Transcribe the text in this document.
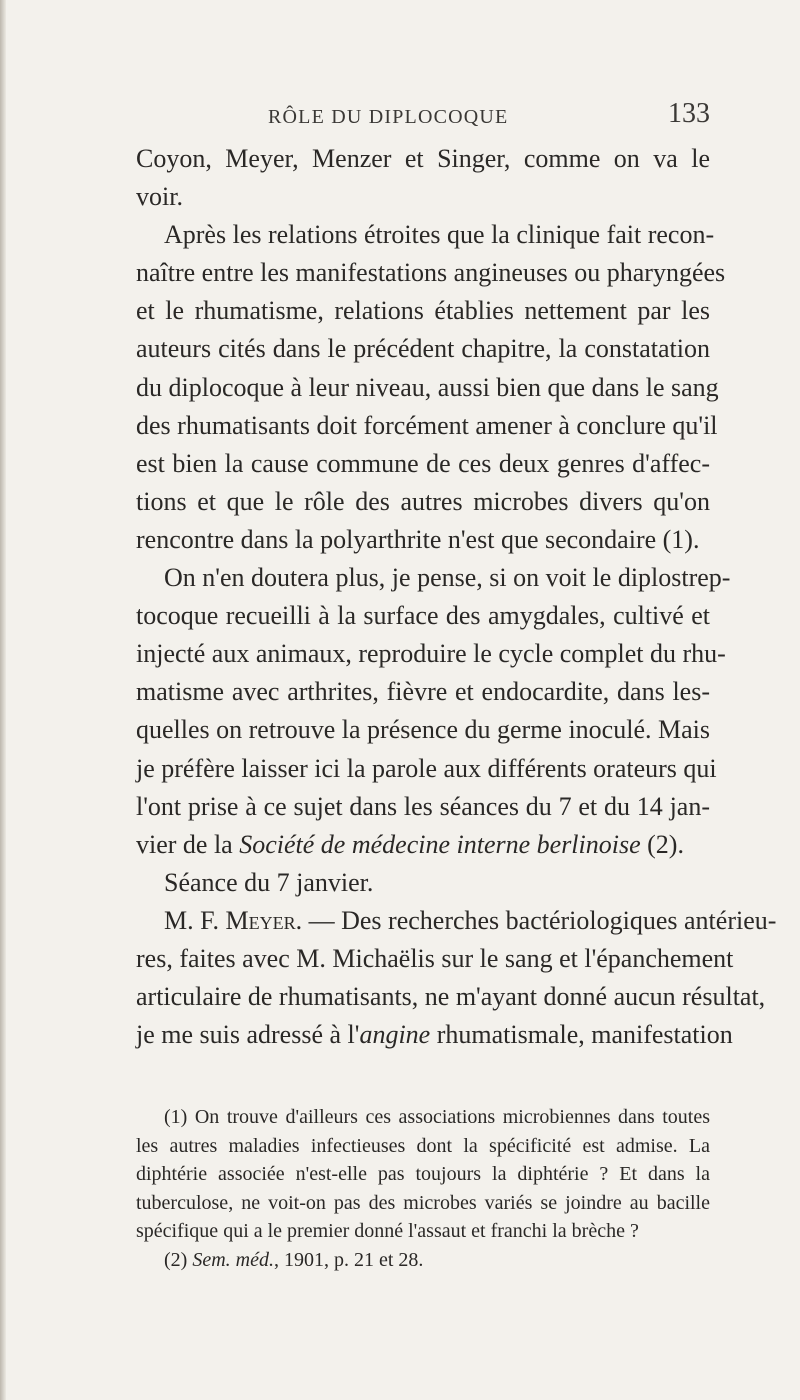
RÔLE DU DIPLOCOQUE	133
Coyon, Meyer, Menzer et Singer, comme on va le
voir.
Après les relations étroites que la clinique fait recon-
naître entre les manifestations angineuses ou pharyngées
et le rhumatisme, relations établies nettement par les
auteurs cités dans le précédent chapitre, la constatation
du diplocoque à leur niveau, aussi bien que dans le sang
des rhumatisants doit forcément amener à conclure qu'il
est bien la cause commune de ces deux genres d'affec-
tions et que le rôle des autres microbes divers qu'on
rencontre dans la polyarthrite n'est que secondaire (1).
On n'en doutera plus, je pense, si on voit le diplostrep-
tocoque recueilli à la surface des amygdales, cultivé et
injecté aux animaux, reproduire le cycle complet du rhu-
matisme avec arthrites, fièvre et endocardite, dans les-
quelles on retrouve la présence du germe inoculé. Mais
je préfère laisser ici la parole aux différents orateurs qui
l'ont prise à ce sujet dans les séances du 7 et du 14 jan-
vier de la Société de médecine interne berlinoise (2).
Séance du 7 janvier.
M. F. Meyer. — Des recherches bactériologiques antérieu-
res, faites avec M. Michaëlis sur le sang et l'épanchement
articulaire de rhumatisants, ne m'ayant donné aucun résultat,
je me suis adressé à l'angine rhumatismale, manifestation
(1) On trouve d'ailleurs ces associations microbiennes dans toutes
les autres maladies infectieuses dont la spécificité est admise. La
diphtérie associée n'est-elle pas toujours la diphtérie ? Et dans la
tuberculose, ne voit-on pas des microbes variés se joindre au bacille
spécifique qui a le premier donné l'assaut et franchi la brèche ?
(2) Sem. méd., 1901, p. 21 et 28.
